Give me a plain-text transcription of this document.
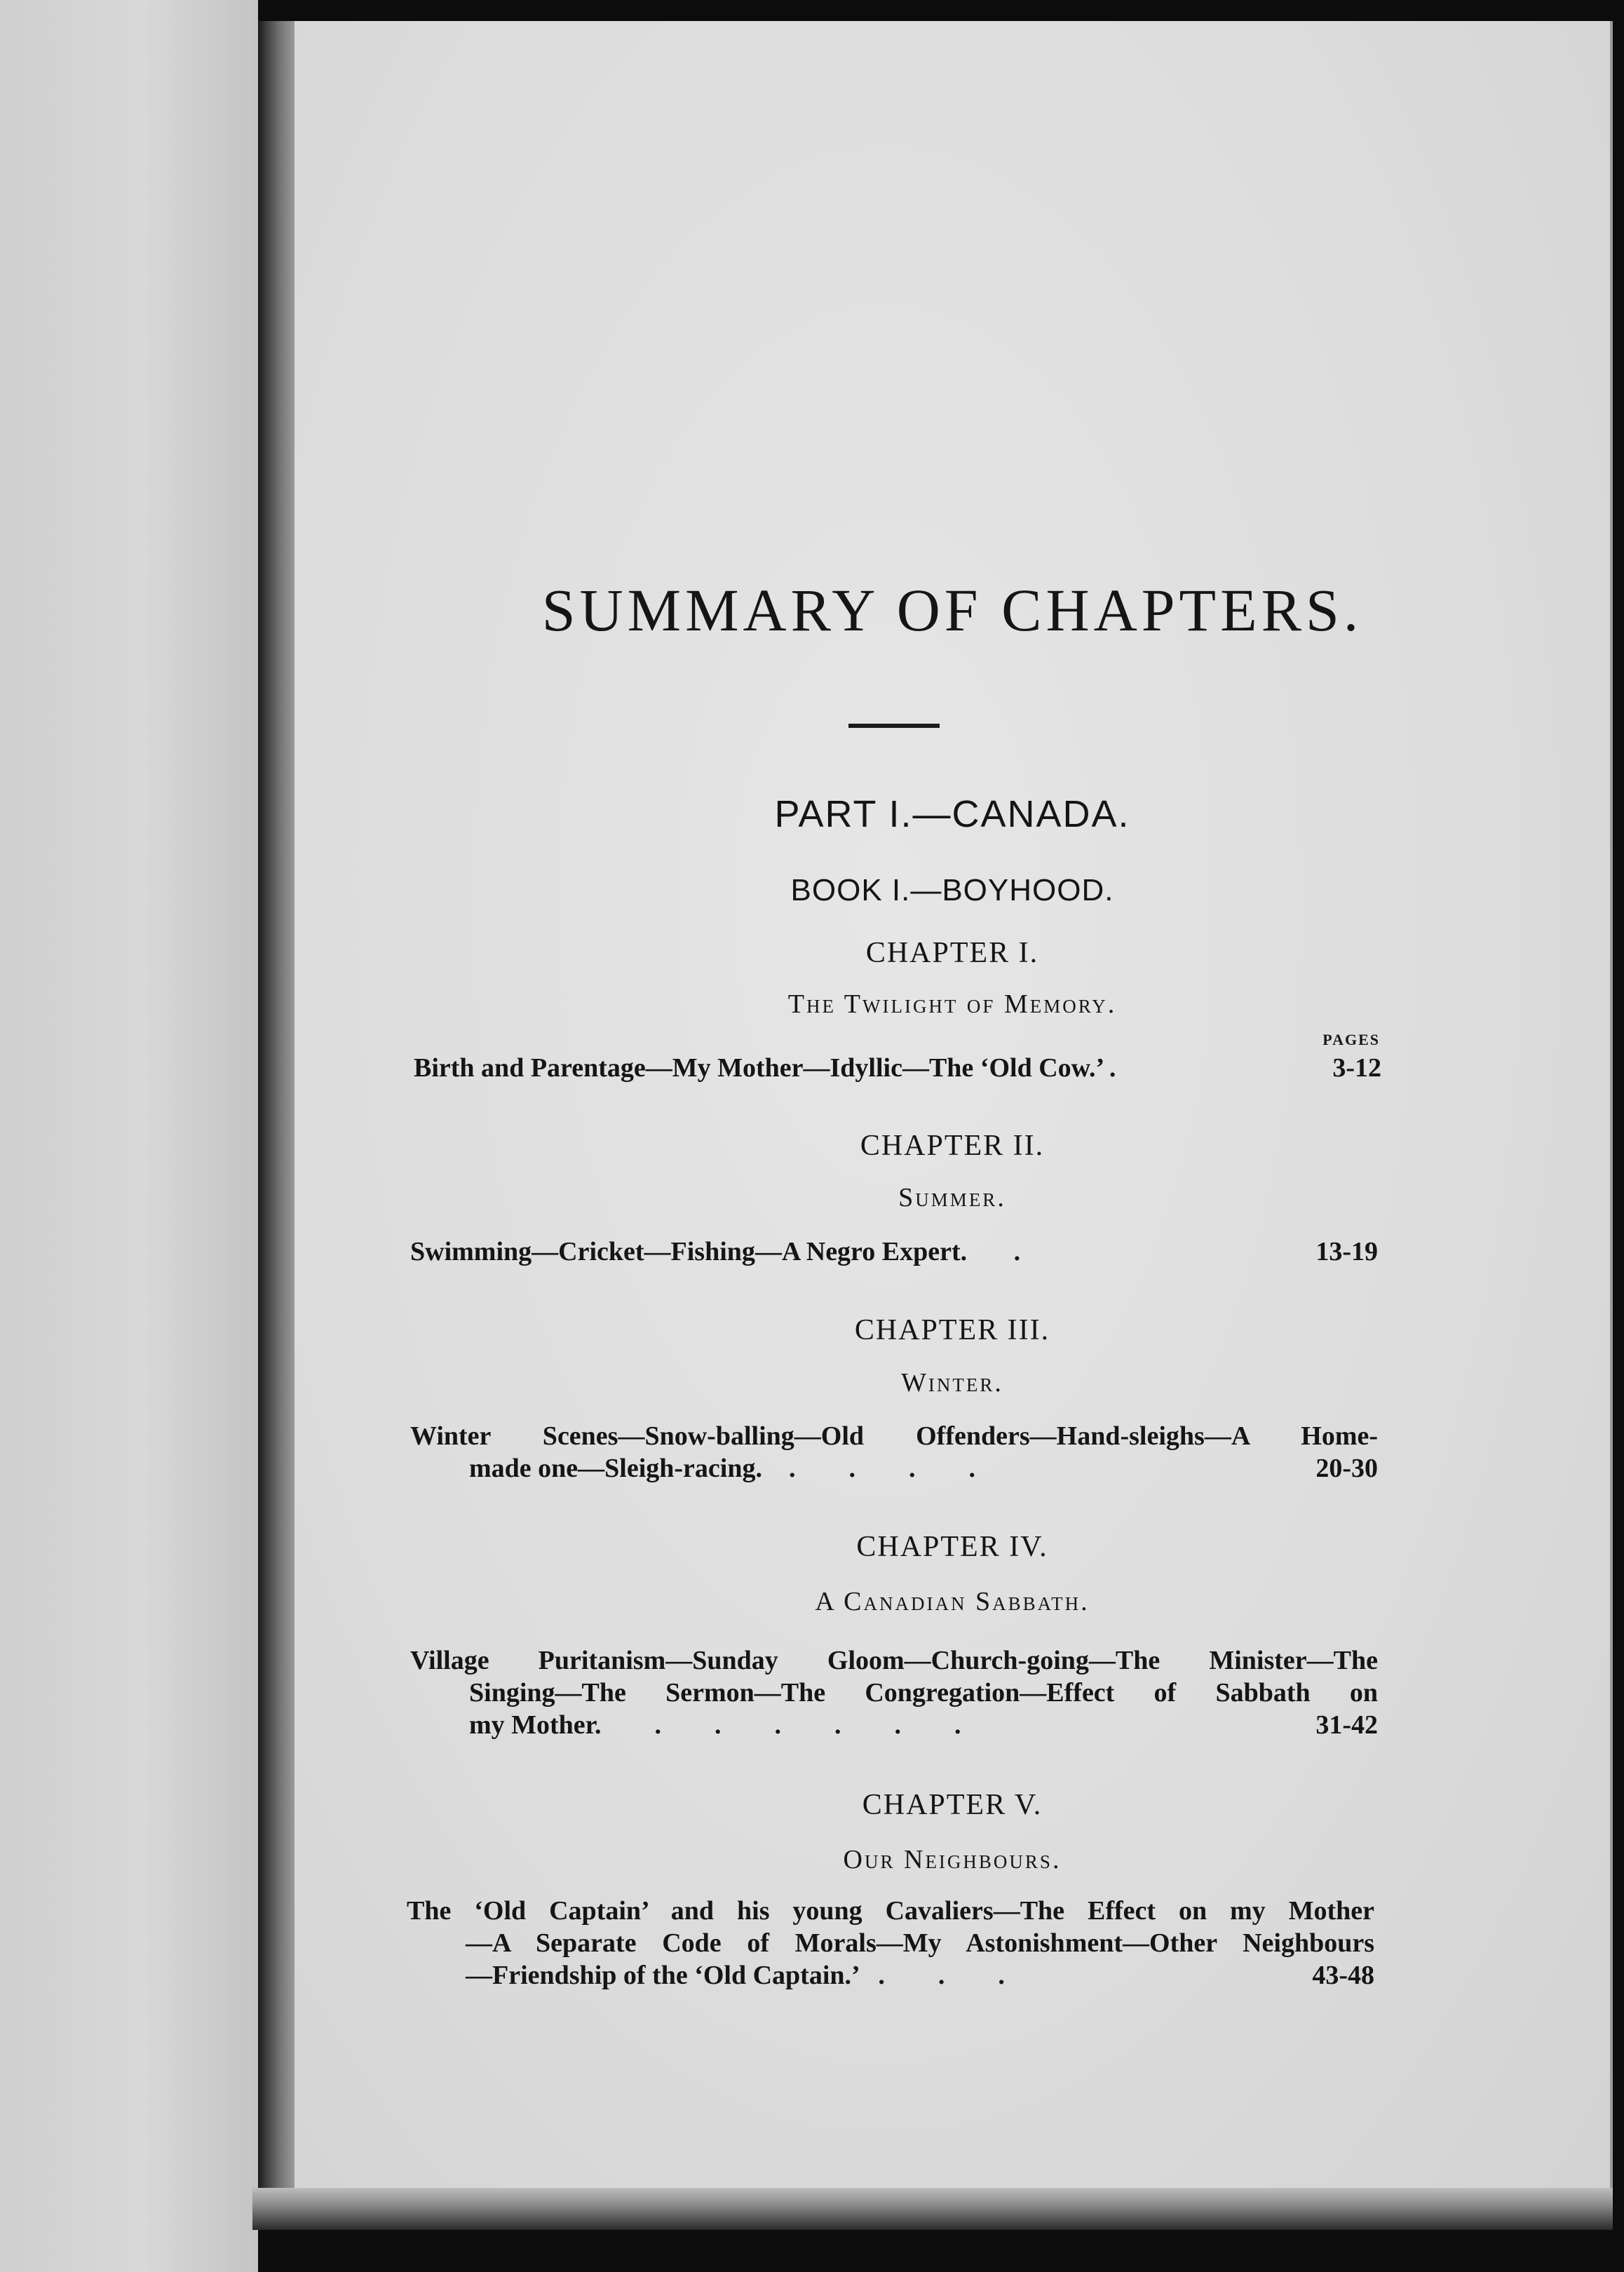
SUMMARY OF CHAPTERS.
PART I.—CANADA.
BOOK I.—BOYHOOD.
CHAPTER I.
The Twilight of Memory.
PAGES
Birth and Parentage—My Mother—Idyllic—The ‘Old Cow.’ .	3-12
CHAPTER II.
Summer.
Swimming—Cricket—Fishing—A Negro Expert.       .	13-19
CHAPTER III.
Winter.
Winter Scenes—Snow-balling—Old Offenders—Hand-sleighs—A Home-
made one—Sleigh-racing.    .        .        .        .	20-30
CHAPTER IV.
A Canadian Sabbath.
Village Puritanism—Sunday Gloom—Church-going—The Minister—The
Singing—The Sermon—The Congregation—Effect of Sabbath on
my Mother.        .        .        .        .        .        .	31-42
CHAPTER V.
Our Neighbours.
The ‘Old Captain’ and his young Cavaliers—The Effect on my Mother
—A Separate Code of Morals—My Astonishment—Other Neighbours
—Friendship of the ‘Old Captain.’   .        .        .	43-48
